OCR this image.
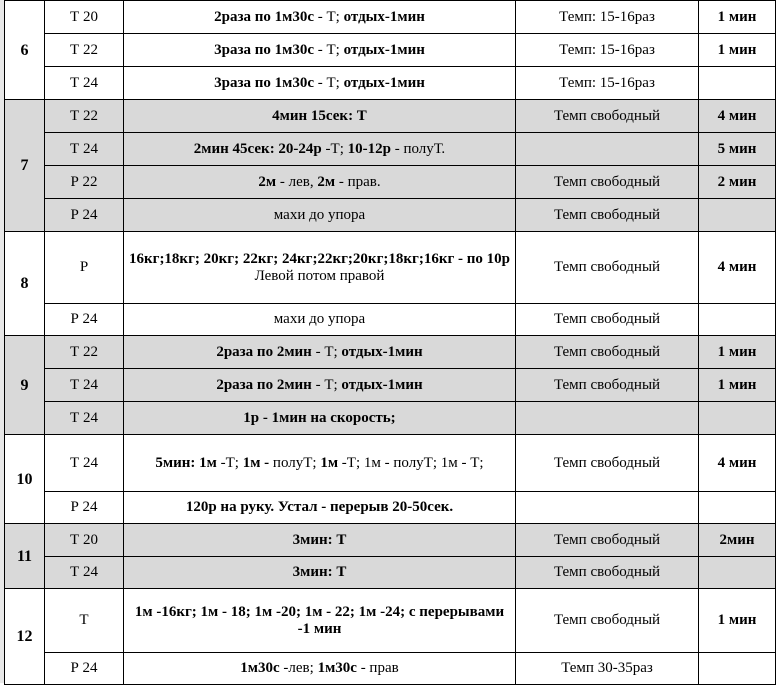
6	Т 20	2раза по 1м30с - Т; отдых-1мин	Темп: 15-16раз	1 мин
	Т 22	3раза по 1м30с - Т; отдых-1мин	Темп: 15-16раз	1 мин
	Т 24	3раза по 1м30с - Т; отдых-1мин	Темп: 15-16раз	
7	Т 22	4мин 15сек: Т	Темп свободный	4 мин
	Т 24	2мин 45сек: 20-24р -Т; 10-12р - полуТ.		5 мин
	Р 22	2м - лев, 2м - прав.	Темп свободный	2 мин
	Р 24	махи до упора	Темп свободный	
8	Р	16кг;18кг; 20кг; 22кг; 24кг;22кг;20кг;18кг;16кг - по 10р Левой потом правой	Темп свободный	4 мин
	Р 24	махи до упора	Темп свободный	
9	Т 22	2раза по 2мин - Т; отдых-1мин	Темп свободный	1 мин
	Т 24	2раза по 2мин - Т; отдых-1мин	Темп свободный	1 мин
	Т 24	1р - 1мин на скорость;		
10	Т 24	5мин: 1м -Т; 1м - полуТ; 1м -Т; 1м - полуТ; 1м - Т;	Темп свободный	4 мин
	Р 24	120р на руку. Устал - перерыв 20-50сек.		
11	Т 20	3мин: Т	Темп свободный	2мин
	Т 24	3мин: Т	Темп свободный	
12	Т	1м -16кг; 1м - 18; 1м -20; 1м - 22; 1м -24; с перерывами -1 мин	Темп свободный	1 мин
	Р 24	1м30с -лев; 1м30с - прав	Темп 30-35раз	
